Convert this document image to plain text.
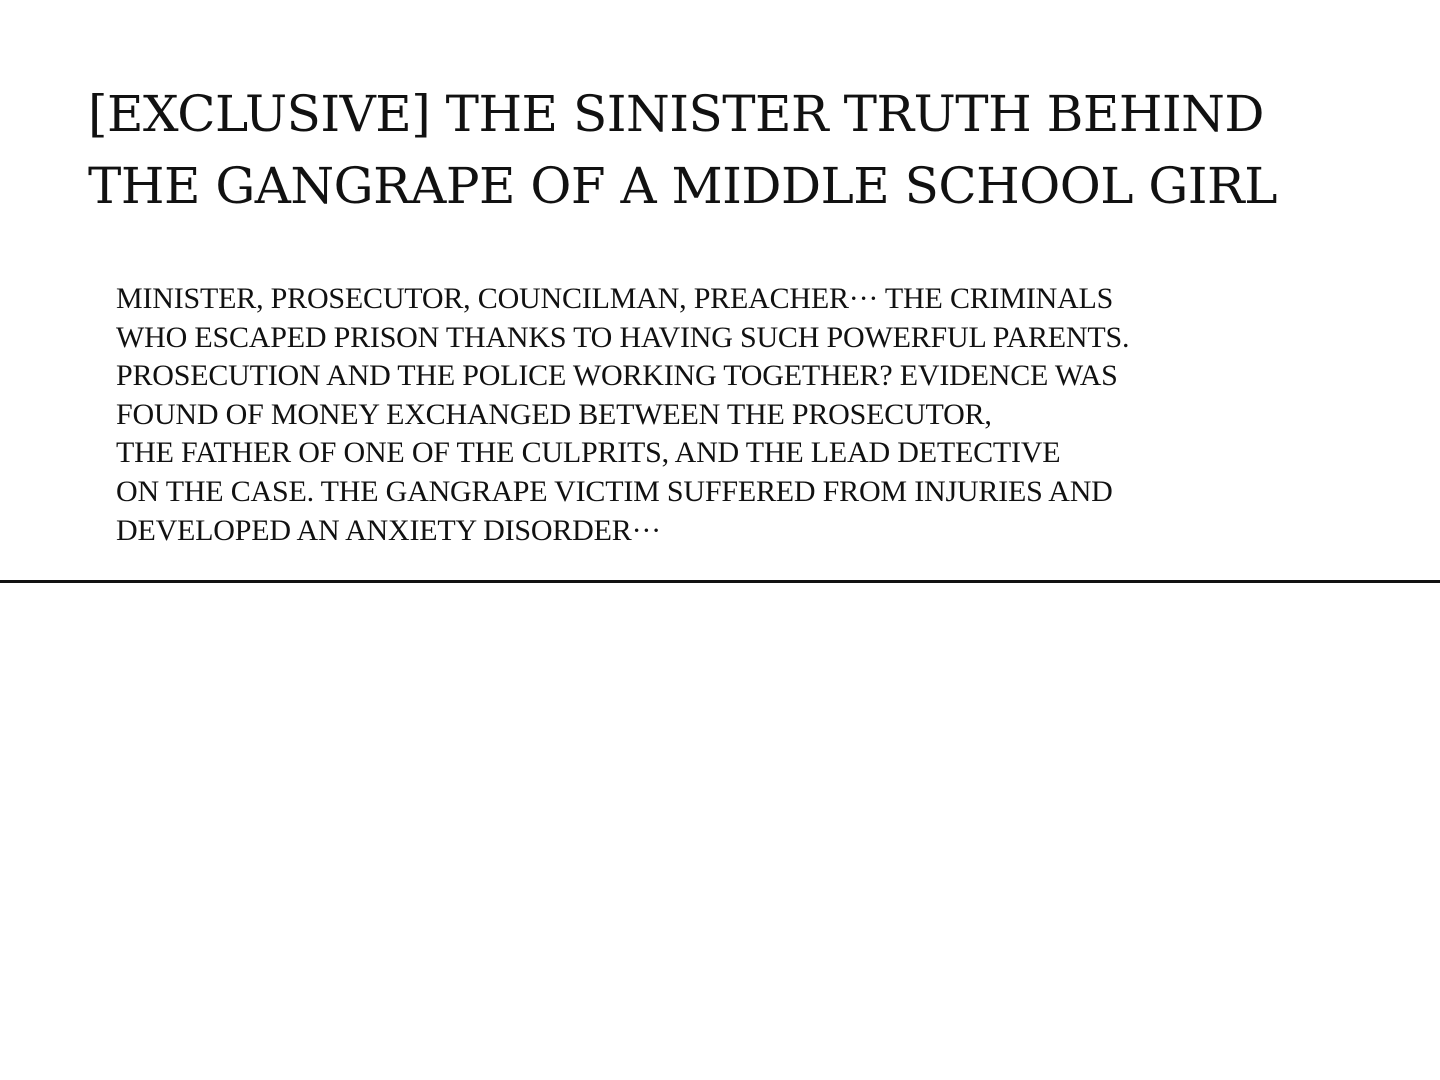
[EXCLUSIVE] THE SINISTER TRUTH BEHIND
THE GANGRAPE OF A MIDDLE SCHOOL GIRL

MINISTER, PROSECUTOR, COUNCILMAN, PREACHER··· THE CRIMINALS
WHO ESCAPED PRISON THANKS TO HAVING SUCH POWERFUL PARENTS.
PROSECUTION AND THE POLICE WORKING TOGETHER? EVIDENCE WAS
FOUND OF MONEY EXCHANGED BETWEEN THE PROSECUTOR,
THE FATHER OF ONE OF THE CULPRITS, AND THE LEAD DETECTIVE
ON THE CASE. THE GANGRAPE VICTIM SUFFERED FROM INJURIES AND
DEVELOPED AN ANXIETY DISORDER···
